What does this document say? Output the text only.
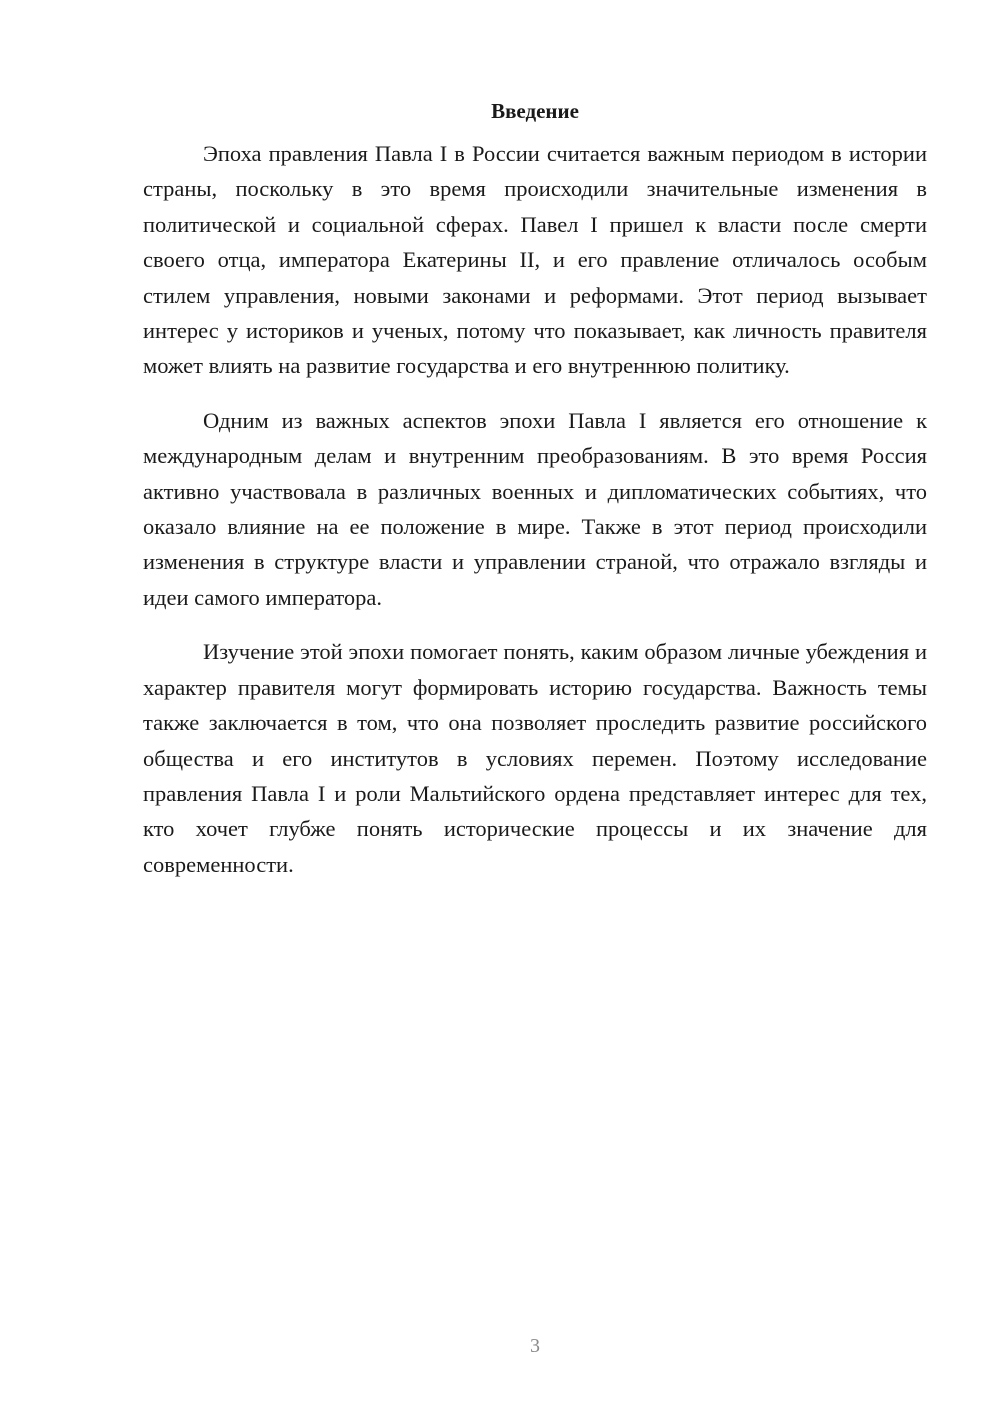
Введение

Эпоха правления Павла I в России считается важным периодом в истории страны, поскольку в это время происходили значительные изменения в политической и социальной сферах. Павел I пришел к власти после смерти своего отца, императора Екатерины II, и его правление отличалось особым стилем управления, новыми законами и реформами. Этот период вызывает интерес у историков и ученых, потому что показывает, как личность правителя может влиять на развитие государства и его внутреннюю политику.

Одним из важных аспектов эпохи Павла I является его отношение к международным делам и внутренним преобразованиям. В это время Россия активно участвовала в различных военных и дипломатических событиях, что оказало влияние на ее положение в мире. Также в этот период происходили изменения в структуре власти и управлении страной, что отражало взгляды и идеи самого императора.

Изучение этой эпохи помогает понять, каким образом личные убеждения и характер правителя могут формировать историю государства. Важность темы также заключается в том, что она позволяет проследить развитие российского общества и его институтов в условиях перемен. Поэтому исследование правления Павла I и роли Мальтийского ордена представляет интерес для тех, кто хочет глубже понять исторические процессы и их значение для современности.

3
